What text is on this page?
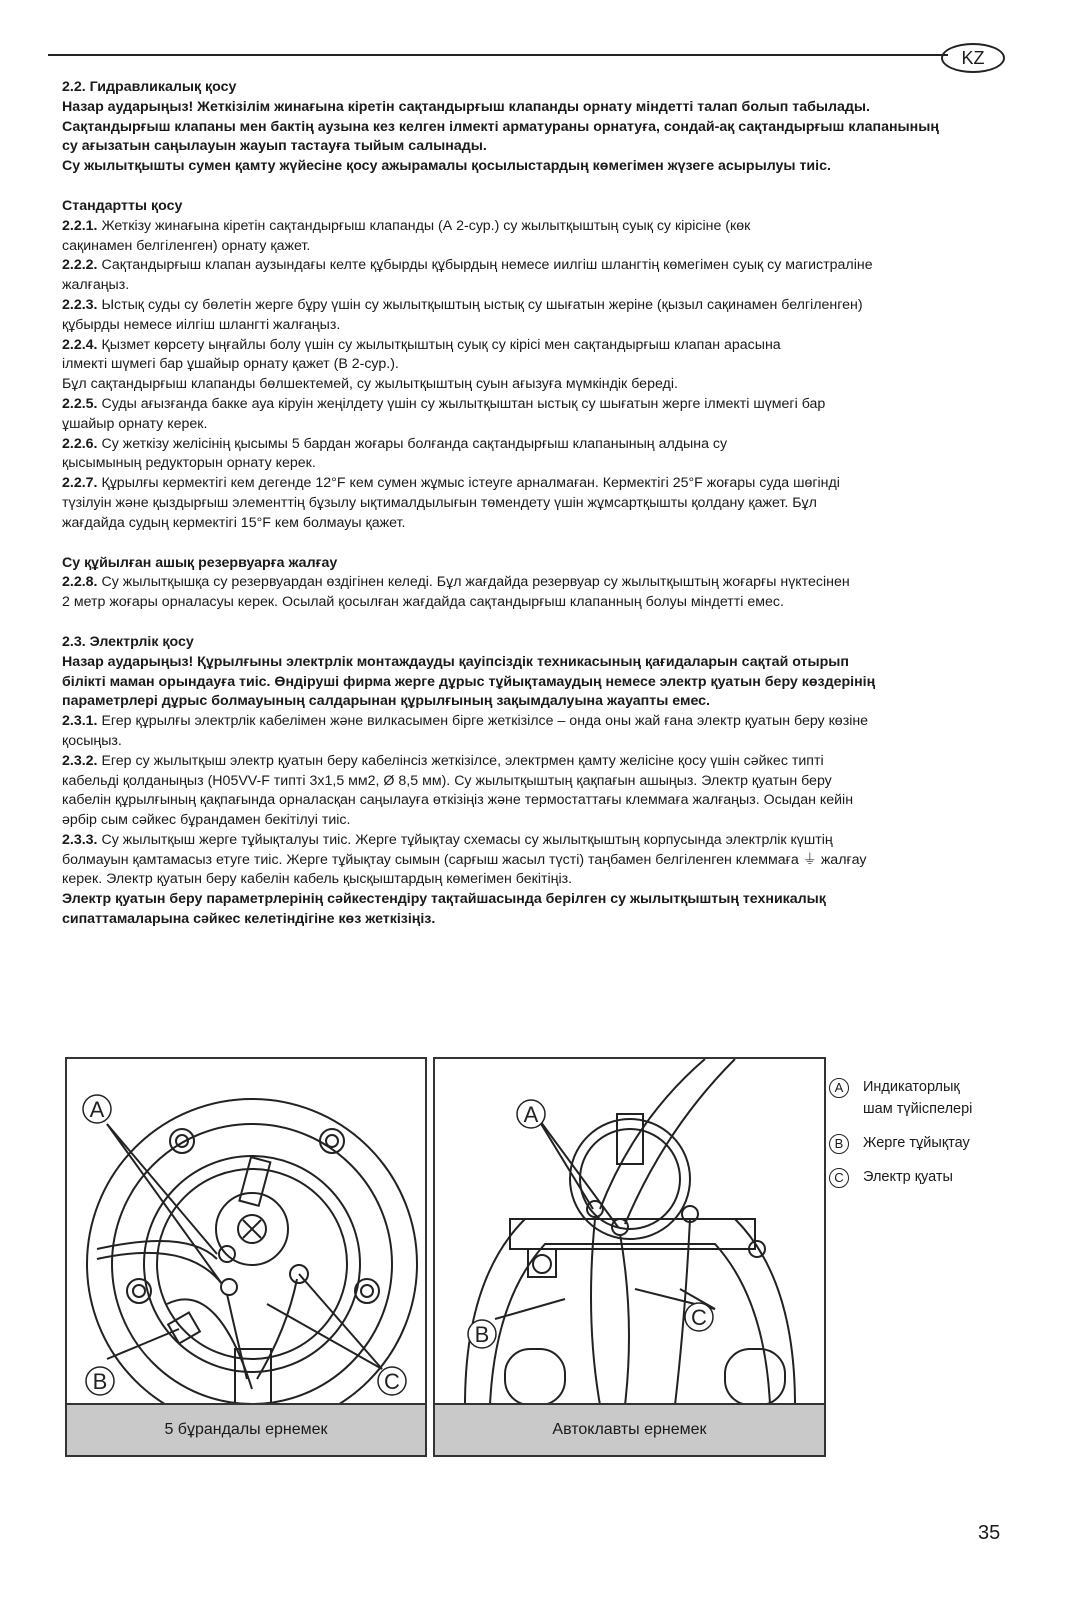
KZ

2.2. Гидравликалық қосу

Назар аударыңыз! Жеткізілім жинағына кіретін сақтандырғыш клапанды орнату міндетті талап болып табылады.

Сақтандырғыш клапаны мен бактің аузына кез келген ілмекті арматураны орнатуға, сондай-ақ сақтандырғыш клапанының

су ағызатын саңылауын жауып тастауға тыйым салынады.

Су жылытқышты сумен қамту жүйесіне қосу ажырамалы қосылыстардың көмегімен жүзеге асырылуы тиіс.

Стандартты қосу

2.2.1. Жеткізу жинағына кіретін сақтандырғыш клапанды (А 2-сур.) су жылытқыштың суық су кірісіне (көк

сақинамен белгіленген) орнату қажет.

2.2.2. Сақтандырғыш клапан аузындағы келте құбырды құбырдың немесе иилгіш шлангтің көмегімен суық су магистраліне

жалғаңыз.

2.2.3. Ыстық суды су бөлетін жерге бұру үшін су жылытқыштың ыстық су шығатын жеріне (қызыл сақинамен белгіленген)

құбырды немесе иілгіш шлангті жалғаңыз.

2.2.4. Қызмет көрсету ыңғайлы болу үшін су жылытқыштың суық су кірісі мен сақтандырғыш клапан арасына

ілмекті шүмегі бар ұшайыр орнату қажет (В 2-сур.).

Бұл сақтандырғыш клапанды бөлшектемей, су жылытқыштың суын ағызуға мүмкіндік береді.

2.2.5. Суды ағызғанда бакке ауа кіруін жеңілдету үшін су жылытқыштан ыстық су шығатын жерге ілмекті шүмегі бар

ұшайыр орнату керек.

2.2.6. Су жеткізу желісінің қысымы 5 бардан жоғары болғанда сақтандырғыш клапанының алдына су

қысымының редукторын орнату керек.

2.2.7. Құрылғы кермектігі кем дегенде 12°F кем сумен жұмыс істеуге арналмаған. Кермектігі 25°F жоғары суда шөгінді

түзілуін және қыздырғыш элементтің бұзылу ықтималдылығын төмендету үшін жұмсартқышты қолдану қажет. Бұл

жағдайда судың кермектігі 15°F кем болмауы қажет.

Су құйылған ашық резервуарға жалғау

2.2.8. Су жылытқышқа су резервуардан өздігінен келеді. Бұл жағдайда резервуар су жылытқыштың жоғарғы нүктесінен

2 метр жоғары орналасуы керек. Осылай қосылған жағдайда сақтандырғыш клапанның болуы міндетті емес.

2.3. Электрлік қосу

Назар аударыңыз! Құрылғыны электрлік монтаждауды қауіпсіздік техникасының қағидаларын сақтай отырып

білікті маман орындауға тиіс. Өндіруші фирма жерге дұрыс тұйықтамаудың немесе электр қуатын беру көздерінің

параметрлері дұрыс болмауының салдарынан құрылғының зақымдалуына жауапты емес.

2.3.1. Егер құрылғы электрлік кабелімен және вилкасымен бірге жеткізілсе – онда оны жай ғана электр қуатын беру көзіне

қосыңыз.

2.3.2. Егер су жылытқыш электр қуатын беру кабелінсіз жеткізілсе, электрмен қамту желісіне қосу үшін сәйкес типті

кабельді қолданыңыз (H05VV-F типті 3х1,5 мм2, Ø 8,5 мм). Су жылытқыштың қақпағын ашыңыз. Электр қуатын беру

кабелін құрылғының қақпағында орналасқан саңылауға өткізіңіз және термостаттағы клеммаға жалғаңыз. Осыдан кейін

әрбір сым сәйкес бұрандамен бекітілуі тиіс.

2.3.3. Су жылытқыш жерге тұйықталуы тиіс. Жерге тұйықтау схемасы су жылытқыштың корпусында электрлік күштің

болмауын қамтамасыз етуге тиіс. Жерге тұйықтау сымын (сарғыш жасыл түсті) таңбамен белгіленген клеммаға ⏚ жалғау

керек. Электр қуатын беру кабелін кабель қысқыштардың көмегімен бекітіңіз.

Электр қуатын беру параметрлерінің сәйкестендіру тақтайшасында берілген су жылытқыштың техникалық

сипаттамаларына сәйкес келетіндігіне көз жеткізіңіз.

A
B	C
5 бұрандалы ернемек
A
B
C
Автоклавты ернемек
A	Индикаторлық
шам түйіспелері
B	Жерге тұйықтау
C	Электр қуаты
35
